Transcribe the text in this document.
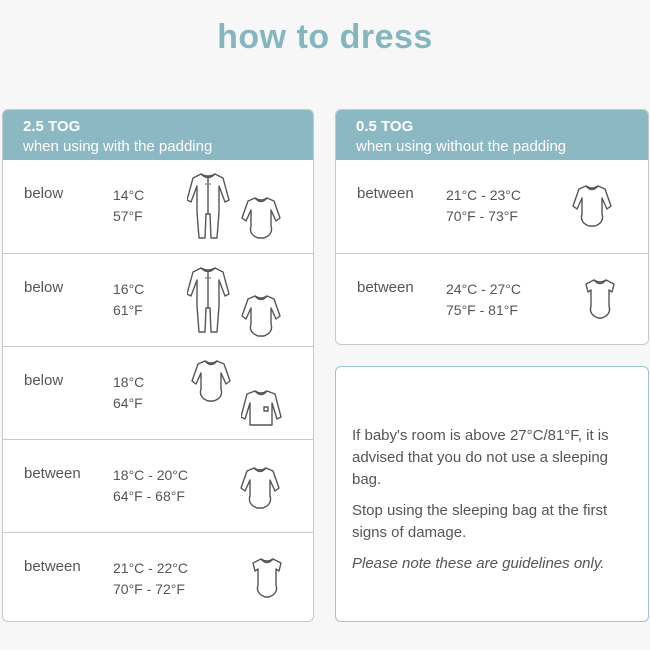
how to dress
2.5 TOG
when using with the padding
below	14°C
57°F
below	16°C
61°F
below	18°C
64°F
between 18°C - 20°C
64°F - 68°F
between 21°C - 22°C
70°F - 72°F
0.5 TOG
when using without the padding
between 21°C - 23°C
70°F - 73°F
between 24°C - 27°C
75°F - 81°F

If baby's room is above 27°C/81°F, it is advised that you do not use a sleeping bag.

Stop using the sleeping bag at the first signs of damage.

Please note these are guidelines only.
